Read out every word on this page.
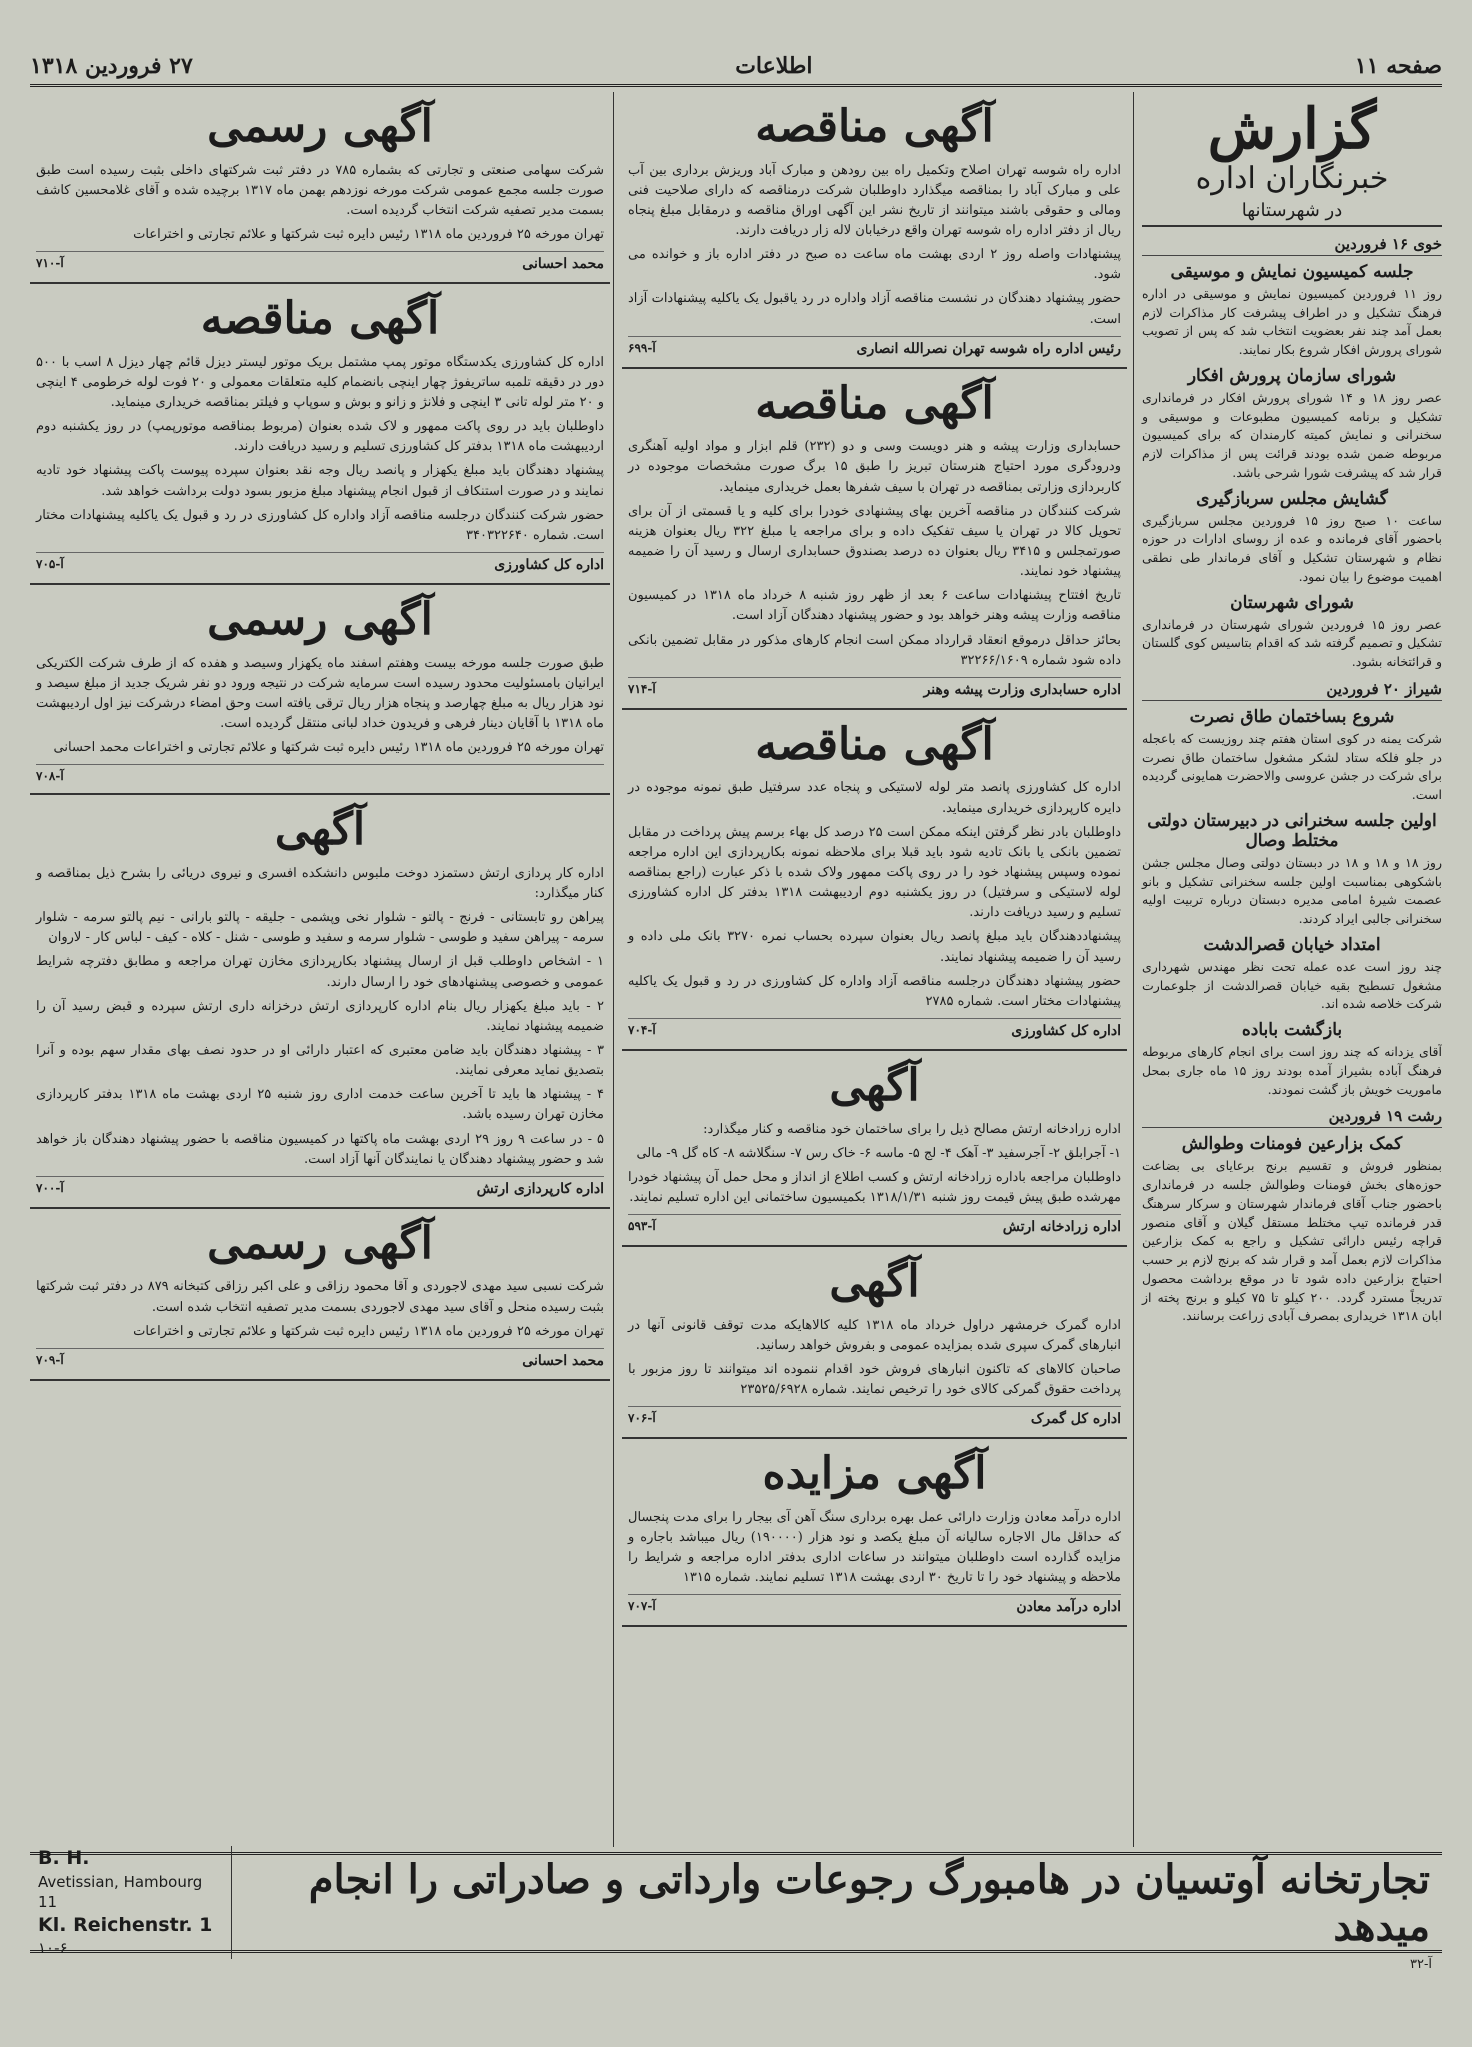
صفحه ۱۱
اطلاعات
۲۷ فروردین ۱۳۱۸
گزارش
خبرنگاران اداره
در شهرستانها
خوی ۱۶ فروردین
جلسه کمیسیون نمایش و موسیقی

روز ۱۱ فروردین کمیسیون نمایش و موسیقی در اداره فرهنگ تشکیل و در اطراف پیشرفت کار مذاکرات لازم بعمل آمد چند نفر بعضویت انتخاب شد که پس از تصویب شورای پرورش افکار شروع بکار نمایند.

شورای سازمان پرورش افکار

عصر روز ۱۸ و ۱۴ شورای پرورش افکار در فرمانداری تشکیل و برنامه کمیسیون مطبوعات و موسیقی و سخنرانی و نمایش کمیته کارمندان که برای کمیسیون مربوطه ضمن شده بودند قرائت پس از مذاکرات لازم قرار شد که پیشرفت شورا شرحی باشد.

گشایش مجلس سربازگیری

ساعت ۱۰ صبح روز ۱۵ فروردین مجلس سربازگیری باحضور آقای فرمانده و عده از روسای ادارات در حوزه نظام و شهرستان تشکیل و آقای فرماندار طی نطقی اهمیت موضوع را بیان نمود.

شورای شهرستان

عصر روز ۱۵ فروردین شورای شهرستان در فرمانداری تشکیل و تصمیم گرفته شد که اقدام بتاسیس کوی گلستان و قرائتخانه بشود.

شیراز ۲۰ فروردین
شروع بساختمان طاق نصرت

شرکت یمنه در کوی استان هفتم چند روزیست که باعجله در جلو فلکه ستاد لشکر مشغول ساختمان طاق نصرت برای شرکت در جشن عروسی والاحضرت همایونی گردیده است.

اولین جلسه سخنرانی در دبیرستان دولتی مختلط وصال

روز ۱۸ و ۱۸ و ۱۸ در دبستان دولتی وصال مجلس جشن باشکوهی بمناسبت اولین جلسه سخنرانی تشکیل و بانو عصمت شیرهٔ امامی مدیره دبستان درباره تربیت اولیه سخنرانی جالبی ایراد کردند.

امتداد خیابان قصرالدشت

چند روز است عده عمله تحت نظر مهندس شهرداری مشغول تسطیح بقیه خیابان قصرالدشت از جلوعمارت شرکت خلاصه شده اند.

بازگشت باباده

آقای یزدانه که چند روز است برای انجام کارهای مربوطه فرهنگ آباده بشیراز آمده بودند روز ۱۵ ماه جاری بمحل ماموریت خویش باز گشت نمودند.

رشت ۱۹ فروردین
کمک بزارعین فومنات وطوالش

بمنظور فروش و تقسیم برنج برعایای بی بضاعت حوزه‌های بخش فومنات وطوالش جلسه در فرمانداری باحضور جناب آقای فرماندار شهرستان و سرکار سرهنگ قدر فرمانده تیپ مختلط مستقل گیلان و آقای منصور قراچه رئیس دارائی تشکیل و راجع به کمک بزارعین مذاکرات لازم بعمل آمد و قرار شد که برنج لازم بر حسب احتیاج بزارعین داده شود تا در موقع برداشت محصول تدریجاً مسترد گردد. ۲۰۰ کیلو تا ۷۵ کیلو و برنج پخته از ابان ۱۳۱۸ خریداری بمصرف آبادی زراعت برسانند.

آگهی مناقصه

اداره راه شوسه تهران اصلاح وتکمیل راه بین رودهن و مبارک آباد وریزش برداری بین آب علی و مبارک آباد را بمناقصه میگذارد داوطلبان شرکت درمناقصه که دارای صلاحیت فنی ومالی و حقوقی باشند میتوانند از تاریخ نشر این آگهی اوراق مناقصه و درمقابل مبلغ پنجاه ریال از دفتر اداره راه شوسه تهران واقع درخیابان لاله زار دریافت دارند.

پیشنهادات واصله روز ۲ اردی بهشت ماه ساعت ده صبح در دفتر اداره باز و خوانده می شود.

حضور پیشنهاد دهندگان در نشست مناقصه آزاد واداره در رد یاقبول یک یاکلیه پیشنهادات آزاد است.

رئیس اداره راه شوسه تهران نصرالله انصاری
آ-۶۹۹
آگهی مناقصه

حسابداری وزارت پیشه و هنر دویست وسی و دو (۲۳۲) قلم ابزار و مواد اولیه آهنگری ودرودگری مورد احتیاج هنرستان تبریز را طبق ۱۵ برگ صورت مشخصات موجوده در کاربردازی وزارتی بمناقصه در تهران با سیف شفرها بعمل خریداری مینماید.

شرکت کنندگان در مناقصه آخرین بهای پیشنهادی خودرا برای کلیه و یا قسمتی از آن برای تحویل کالا در تهران یا سیف تفکیک داده و برای مراجعه یا مبلغ ۳۲۲ ریال بعنوان هزینه صورتمجلس و ۳۴۱۵ ریال بعنوان ده درصد بصندوق حسابداری ارسال و رسید آن را ضمیمه پیشنهاد خود نمایند.

تاریخ افتتاح پیشنهادات ساعت ۶ بعد از ظهر روز شنبه ۸ خرداد ماه ۱۳۱۸ در کمیسیون مناقصه وزارت پیشه وهنر خواهد بود و حضور پیشنهاد دهندگان آزاد است.

بحائز حداقل درموقع انعقاد قرارداد ممکن است انجام کارهای مذکور در مقابل تضمین بانکی داده شود شماره ۳۲۲۶۶/۱۶۰۹

اداره حسابداری وزارت پیشه وهنر
آ-۷۱۴
آگهی مناقصه

اداره کل کشاورزی پانصد متر لوله لاستیکی و پنجاه عدد سرفتیل طبق نمونه موجوده در دایره کارپردازی خریداری مینماید.

داوطلبان بادر نظر گرفتن اینکه ممکن است ۲۵ درصد کل بهاء برسم پیش پرداخت در مقابل تضمین بانکی یا بانک تادیه شود باید قبلا برای ملاحظه نمونه بکارپردازی این اداره مراجعه نموده وسپس پیشنهاد خود را در روی پاکت ممهور ولاک شده با ذکر عبارت (راجع بمناقصه لوله لاستیکی و سرفتیل) در روز یکشنبه دوم اردیبهشت ۱۳۱۸ بدفتر کل اداره کشاورزی تسلیم و رسید دریافت دارند.

پیشنهاددهندگان باید مبلغ پانصد ریال بعنوان سپرده بحساب نمره ۳۲۷۰ بانک ملی داده و رسید آن را ضمیمه پیشنهاد نمایند.

حضور پیشنهاد دهندگان درجلسه مناقصه آزاد واداره کل کشاورزی در رد و قبول یک یاکلیه پیشنهادات مختار است. شماره ۲۷۸۵

اداره کل کشاورزی
آ-۷۰۴
آگهی

اداره زرادخانه ارتش مصالح ذیل را برای ساختمان خود مناقصه و کنار میگذارد:

۱- آجرابلق ۲- آجرسفید ۳- آهک ۴- لج ۵- ماسه ۶- خاک رس ۷- سنگلاشه ۸- کاه گل ۹- مالی

داوطلبان مراجعه باداره زرادخانه ارتش و کسب اطلاع از انداز و محل حمل آن پیشنهاد خودرا مهرشده طبق پیش قیمت روز شنبه ۱۳۱۸/۱/۳۱ بکمیسیون ساختمانی این اداره تسلیم نمایند.

اداره زرادخانه ارتش
آ-۵۹۳
آگهی

اداره گمرک خرمشهر دراول خرداد ماه ۱۳۱۸ کلیه کالاهایکه مدت توقف قانونی آنها در انبارهای گمرک سپری شده بمزایده عمومی و بفروش خواهد رسانید.

صاحبان کالاهای که تاکنون انبارهای فروش خود اقدام ننموده اند میتوانند تا روز مزبور با پرداخت حقوق گمرکی کالای خود را ترخیص نمایند. شماره ۲۳۵۲۵/۶۹۲۸

اداره کل گمرک
آ-۷۰۶
آگهی مزایده

اداره درآمد معادن وزارت دارائی عمل بهره برداری سنگ آهن آی بیجار را برای مدت پنجسال که حداقل مال الاجاره سالیانه آن مبلغ یکصد و نود هزار (۱۹۰۰۰۰) ریال میباشد باجاره و مزایده گذارده است داوطلبان میتوانند در ساعات اداری بدفتر اداره مراجعه و شرایط را ملاحظه و پیشنهاد خود را تا تاریخ ۳۰ اردی بهشت ۱۳۱۸ تسلیم نمایند. شماره ۱۳۱۵

اداره درآمد معادن
آ-۷۰۷
آگهی رسمی

شرکت سهامی صنعتی و تجارتی که بشماره ۷۸۵ در دفتر ثبت شرکتهای داخلی بثبت رسیده است طبق صورت جلسه مجمع عمومی شرکت مورخه نوزدهم بهمن ماه ۱۳۱۷ برچیده شده و آقای غلامحسین کاشف بسمت مدیر تصفیه شرکت انتخاب گردیده است.

تهران مورخه ۲۵ فروردین ماه ۱۳۱۸ رئیس دایره ثبت شرکتها و علائم تجارتی و اختراعات

محمد احسانی
آ-۷۱۰
آگهی مناقصه

اداره کل کشاورزی یکدستگاه موتور پمپ مشتمل بریک موتور لیستر دیزل قائم چهار دیزل ۸ اسب با ۵۰۰ دور در دقیقه تلمبه ساتریفوژ چهار اینچی بانضمام کلیه متعلقات معمولی و ۲۰ فوت لوله خرطومی ۴ اینچی و ۲۰ متر لوله تانی ۳ اینچی و فلانژ و زانو و بوش و سوپاپ و فیلتر بمناقصه خریداری مینماید.

داوطلبان باید در روی پاکت ممهور و لاک شده بعنوان (مربوط بمناقصه موتورپمپ) در روز یکشنبه دوم اردیبهشت ماه ۱۳۱۸ بدفتر کل کشاورزی تسلیم و رسید دریافت دارند.

پیشنهاد دهندگان باید مبلغ یکهزار و پانصد ریال وجه نقد بعنوان سپرده پیوست پاکت پیشنهاد خود تادیه نمایند و در صورت استنکاف از قبول انجام پیشنهاد مبلغ مزبور بسود دولت برداشت خواهد شد.

حضور شرکت کنندگان درجلسه مناقصه آزاد واداره کل کشاورزی در رد و قبول یک یاکلیه پیشنهادات مختار است. شماره ۳۴۰۳۲۲۶۴۰

اداره کل کشاورزی
آ-۷۰۵
آگهی رسمی

طبق صورت جلسه مورخه بیست وهفتم اسفند ماه یکهزار وسیصد و هفده که از طرف شرکت الکتریکی ایرانیان بامسئولیت محدود رسیده است سرمایه شرکت در نتیجه ورود دو نفر شریک جدید از مبلغ سیصد و نود هزار ریال به مبلغ چهارصد و پنجاه هزار ریال ترقی یافته است وحق امضاء درشرکت نیز اول اردیبهشت ماه ۱۳۱۸ با آقایان دینار فرهی و فریدون خداد لبانی منتقل گردیده است.

تهران مورخه ۲۵ فروردین ماه ۱۳۱۸ رئیس دایره ثبت شرکتها و علائم تجارتی و اختراعات محمد احسانی

آ-۷۰۸
آگهی

اداره کار پردازی ارتش دستمزد دوخت ملبوس دانشکده افسری و نیروی دریائی را بشرح ذیل بمناقصه و کنار میگذارد:

پیراهن رو تابستانی - فرنج - پالتو - شلوار نخی وپشمی - جلیقه - پالتو بارانی - نیم پالتو سرمه - شلوار سرمه - پیراهن سفید و طوسی - شلوار سرمه و سفید و طوسی - شنل - کلاه - کیف - لباس کار - لاروان

۱ - اشخاص داوطلب قبل از ارسال پیشنهاد بکارپردازی مخازن تهران مراجعه و مطابق دفترچه شرایط عمومی و خصوصی پیشنهادهای خود را ارسال دارند.

۲ - باید مبلغ یکهزار ریال بنام اداره کارپردازی ارتش درخزانه داری ارتش سپرده و قبض رسید آن را ضمیمه پیشنهاد نمایند.

۳ - پیشنهاد دهندگان باید ضامن معتبری که اعتبار دارائی او در حدود نصف بهای مقدار سهم بوده و آنرا بتصدیق نماید معرفی نمایند.

۴ - پیشنهاد ها باید تا آخرین ساعت خدمت اداری روز شنبه ۲۵ اردی بهشت ماه ۱۳۱۸ بدفتر کارپردازی مخازن تهران رسیده باشد.

۵ - در ساعت ۹ روز ۲۹ اردی بهشت ماه پاکتها در کمیسیون مناقصه با حضور پیشنهاد دهندگان باز خواهد شد و حضور پیشنهاد دهندگان یا نمایندگان آنها آزاد است.

اداره کارپردازی ارتش
آ-۷۰۰
آگهی رسمی

شرکت نسبی سید مهدی لاجوردی و آقا محمود رزاقی و علی اکبر رزاقی کتبخانه ۸۷۹ در دفتر ثبت شرکتها بثبت رسیده منحل و آقای سید مهدی لاجوردی بسمت مدیر تصفیه انتخاب شده است.

تهران مورخه ۲۵ فروردین ماه ۱۳۱۸ رئیس دایره ثبت شرکتها و علائم تجارتی و اختراعات

محمد احسانی
آ-۷۰۹
تجارتخانه آوتسیان در هامبورگ رجوعات وارداتی و صادراتی را انجام میدهد
B. H.
Avetissian, Hambourg 11
Kl. Reichenstr. 1
۱۰-۶
آ-۳۲
